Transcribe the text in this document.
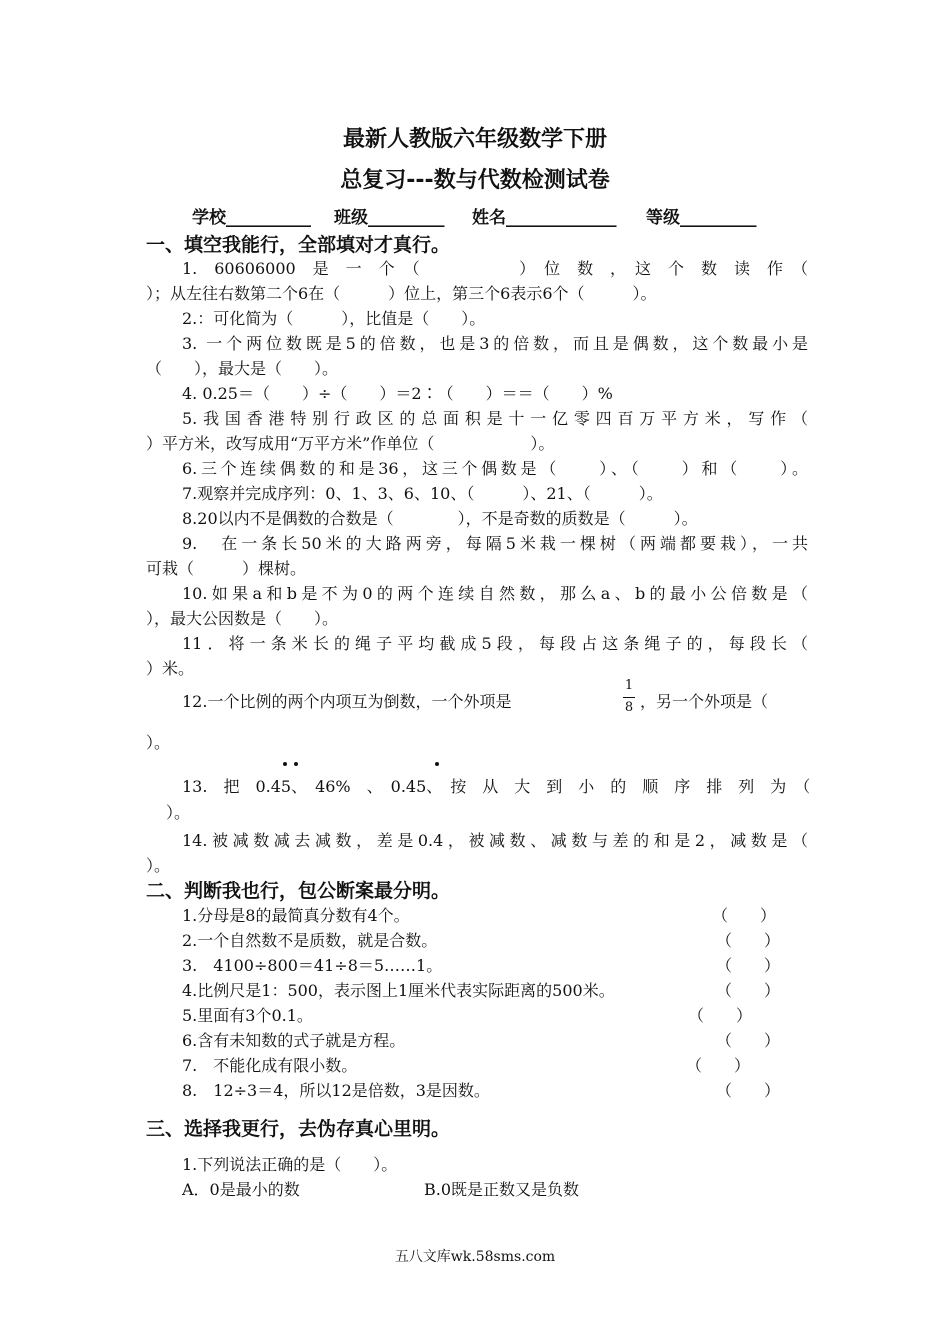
最新人教版六年级数学下册
总复习---数与代数检测试卷
学校__________ 班级_________ 姓名_____________ 等级_________
一、填空我能行，全部填对才真行。
1.　60606000　是　一　个　（　　　　　　）　位　数　，　这　个　数　读　作　（
）；从左往右数第二个6在（　　　）位上，第三个6表示6个（　　　）。
2.：可化简为（　　　），比值是（　　）。
3. 一个两位数既是5的倍数，也是3的倍数，而且是偶数，这个数最小是
（　　），最大是（　　）。
4. 0.25＝（　　）÷（　　）＝2∶（　　）＝＝（　　）%
5.我国香港特别行政区的总面积是十一亿零四百万平方米，写作（
）平方米，改写成用“万平方米”作单位（　　　　　　）。
6.三个连续偶数的和是36，这三个偶数是（　　）、（　　）和（　　）。
7.观察并完成序列：0、1、3、6、10、（　　　）、21、（　　　）。
8.20以内不是偶数的合数是（　　　　），不是奇数的质数是（　　　）。
9.　在一条长50米的大路两旁，每隔5米栽一棵树（两端都要栽），一共
可栽（　　　）棵树。
10.如果a和b是不为0的两个连续自然数，那么a、b的最小公倍数是（
），最大公因数是（　　）。
11．将一条米长的绳子平均截成5段，每段占这条绳子的，每段长（
）米。
12.一个比例的两个内项互为倒数，一个外项是
1
8 ，另一个外项是（
）。
13.　把　0.45、　46%　、　0.45、　按　从　大　到　小　的　顺　序　排　列　为　（
）。
14.被减数减去减数，差是0.4，被减数、减数与差的和是2，减数是（
）。
二、判断我也行，包公断案最分明。
1.分母是8的最简真分数有4个。	（　　）
2.一个自然数不是质数，就是合数。	（　　）
3.　4100÷800＝41÷8＝5……1。	（　　）
4.比例尺是1：500，表示图上1厘米代表实际距离的500米。	（　　）
5.里面有3个0.1。	（　　）
6.含有未知数的式子就是方程。	（　　）
7.　不能化成有限小数。	（　　）
8.　12÷3＝4，所以12是倍数，3是因数。	（　　）
三、选择我更行，去伪存真心里明。
1.下列说法正确的是（　　）。
A．0是最小的数	B.0既是正数又是负数
五八文库wk.58sms.com
